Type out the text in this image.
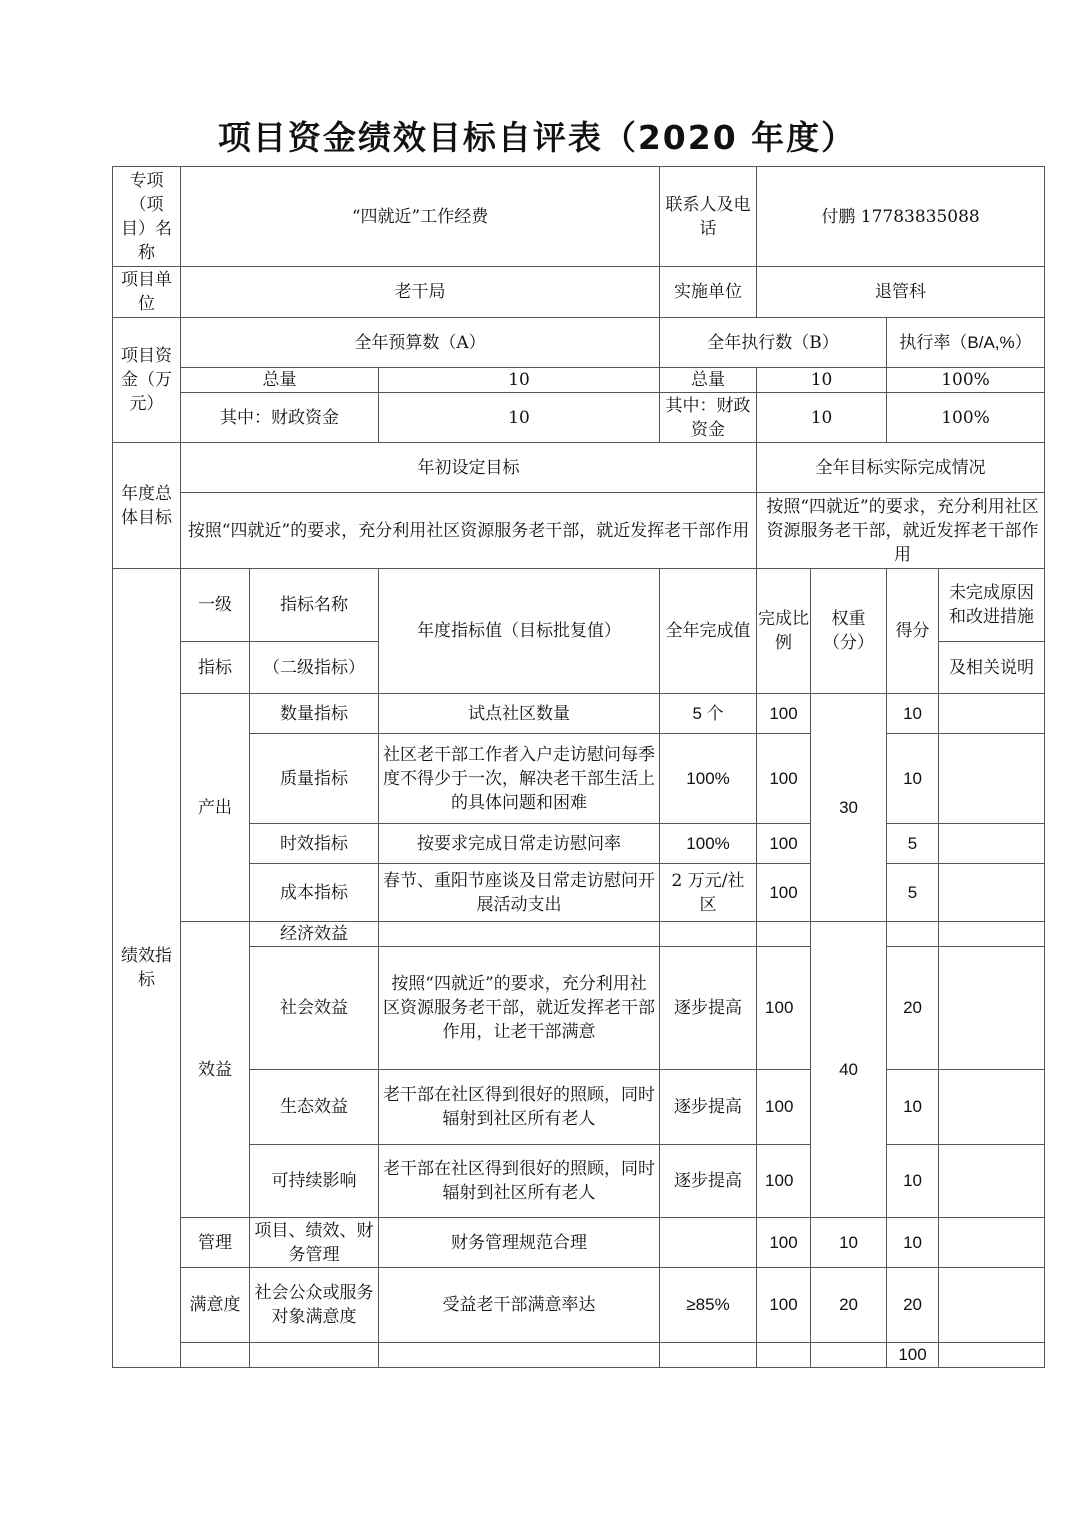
项目资金绩效目标自评表（2020 年度）
专项（项目）名称	“四就近”工作经费			联系人及电话	付鹏 17783835088				
项目单位	老干局			实施单位	退管科				
项目资金（万元）	全年预算数（A）			全年执行数（B）			执行率（B/A,%）		
	总量		10	总量	10		100%		
	其中：财政资金		10	其中：财政资金	10		100%		
年度总体目标	年初设定目标				全年目标实际完成情况				
	按照“四就近”的要求，充分利用社区资源服务老干部，就近发挥老干部作用				按照“四就近”的要求，充分利用社区资源服务老干部，就近发挥老干部作用				
绩效指标	一级	指标名称	年度指标值（目标批复值）	全年完成值	完成比例	权重（分）	得分	未完成原因和改进措施	
	指标	（二级指标）						及相关说明	
	产出	数量指标	试点社区数量	5 个	100	30	10		
		质量指标	社区老干部工作者入户走访慰问每季度不得少于一次，解决老干部生活上的具体问题和困难	100%	100		10		
		时效指标	按要求完成日常走访慰问率	100%	100		5		
		成本指标	春节、重阳节座谈及日常走访慰问开展活动支出	2 万元/社区	100		5		
	效益	经济效益				40			
		社会效益	按照“四就近”的要求，充分利用社区资源服务老干部，就近发挥老干部作用，让老干部满意	逐步提高	100		20		
		生态效益	老干部在社区得到很好的照顾，同时辐射到社区所有老人	逐步提高	100		10		
		可持续影响	老干部在社区得到很好的照顾，同时辐射到社区所有老人	逐步提高	100		10		
	管理	项目、绩效、财务管理	财务管理规范合理		100	10	10		
	满意度	社会公众或服务对象满意度	受益老干部满意率达	≥85%	100	20	20		
							100		
